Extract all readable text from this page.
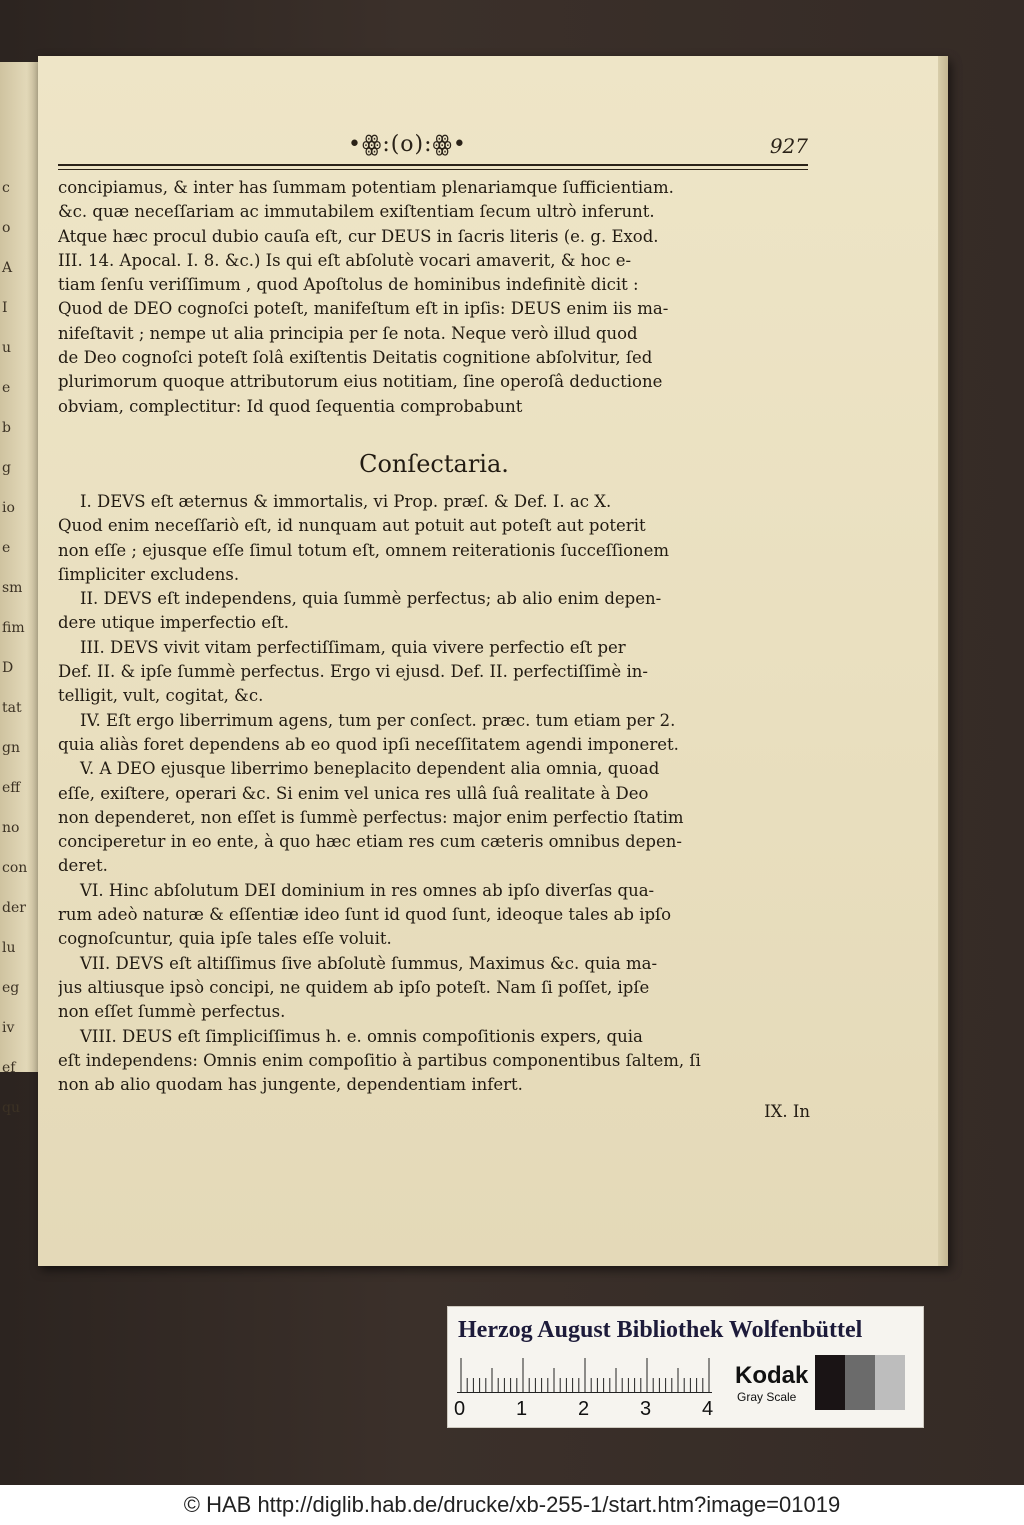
c
o
A
I
u
e
b
g
io
e
sm
fim
D
tat
gn
eff
no
con
der
lu
eg
iv
ef
qu
•ꙮ:(o):ꙮ•	927
concipiamus, & inter has ſummam potentiam plenariamque ſufficientiam.
&c. quæ neceſſariam ac immutabilem exiſtentiam ſecum ultrò inferunt.
Atque hæc procul dubio cauſa eſt, cur DEUS in ſacris literis (e. g. Exod.
III. 14. Apocal. I. 8. &c.) Is qui eſt abſolutè vocari amaverit, & hoc e-
tiam ſenſu veriſſimum , quod Apoſtolus de hominibus indefinitè dicit :
Quod de DEO cognoſci poteſt, manifeſtum eſt in ipſis: DEUS enim iis ma-
nifeſtavit ; nempe ut alia principia per ſe nota. Neque verò illud quod
de Deo cognoſci poteſt ſolâ exiſtentis Deitatis cognitione abſolvitur, ſed
plurimorum quoque attributorum eius notitiam, ſine operoſâ deductione
obviam, complectitur: Id quod ſequentia comprobabunt
Conſectaria.
I. DEVS eſt æternus & immortalis, vi Prop. præſ. & Def. I. ac X.
Quod enim neceſſariò eſt, id nunquam aut potuit aut poteſt aut poterit
non eſſe ; ejusque eſſe ſimul totum eſt, omnem reiterationis ſucceſſionem
ſimpliciter excludens.
II. DEVS eſt independens, quia ſummè perfectus; ab alio enim depen-
dere utique imperfectio eſt.
III. DEVS vivit vitam perfectiſſimam, quia vivere perfectio eſt per
Def. II. & ipſe ſummè perfectus. Ergo vi ejusd. Def. II. perfectiſſimè in-
telligit, vult, cogitat, &c.
IV. Eſt ergo liberrimum agens, tum per conſect. præc. tum etiam per 2.
quia aliàs foret dependens ab eo quod ipſi neceſſitatem agendi imponeret.
V. A DEO ejusque liberrimo beneplacito dependent alia omnia, quoad
eſſe, exiſtere, operari &c. Si enim vel unica res ullâ ſuâ realitate à Deo
non dependeret, non eſſet is ſummè perfectus: major enim perfectio ſtatim
conciperetur in eo ente, à quo hæc etiam res cum cæteris omnibus depen-
deret.
VI. Hinc abſolutum DEI dominium in res omnes ab ipſo diverſas qua-
rum adeò naturæ & eſſentiæ ideo ſunt id quod ſunt, ideoque tales ab ipſo
cognoſcuntur, quia ipſe tales eſſe voluit.
VII. DEVS eſt altiſſimus ſive abſolutè ſummus, Maximus &c. quia ma-
jus altiusque ipsò concipi, ne quidem ab ipſo poteſt. Nam ſi poſſet, ipſe
non eſſet ſummè perfectus.
VIII. DEUS eſt ſimpliciſſimus h. e. omnis compoſitionis expers, quia
eſt independens: Omnis enim compoſitio à partibus componentibus ſaltem, ſi
non ab alio quodam has jungente, dependentiam infert.
IX. In
Herzog August Bibliothek Wolfenbüttel
0	1	2	3	4
Kodak
Gray Scale
© HAB http://diglib.hab.de/drucke/xb-255-1/start.htm?image=01019
